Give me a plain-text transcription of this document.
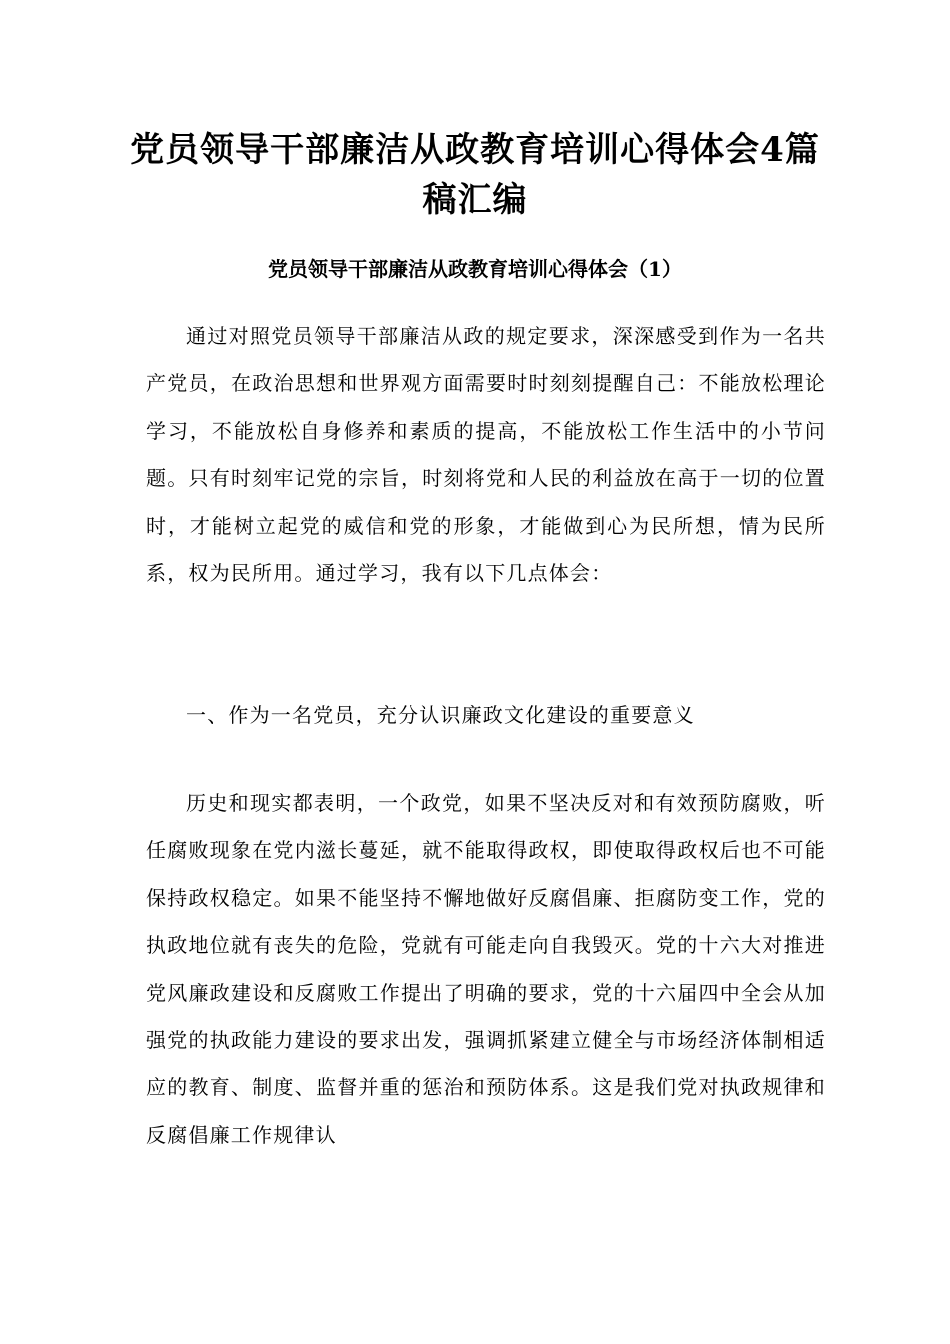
党员领导干部廉洁从政教育培训心得体会4篇稿汇编
党员领导干部廉洁从政教育培训心得体会（1）

通过对照党员领导干部廉洁从政的规定要求，深深感受到作为一名共产党员，在政治思想和世界观方面需要时时刻刻提醒自己：不能放松理论学习，不能放松自身修养和素质的提高，不能放松工作生活中的小节问题。只有时刻牢记党的宗旨，时刻将党和人民的利益放在高于一切的位置时，才能树立起党的威信和党的形象，才能做到心为民所想，情为民所系，权为民所用。通过学习，我有以下几点体会：

一、作为一名党员，充分认识廉政文化建设的重要意义

历史和现实都表明，一个政党，如果不坚决反对和有效预防腐败，听任腐败现象在党内滋长蔓延，就不能取得政权，即使取得政权后也不可能保持政权稳定。如果不能坚持不懈地做好反腐倡廉、拒腐防变工作，党的执政地位就有丧失的危险，党就有可能走向自我毁灭。党的十六大对推进党风廉政建设和反腐败工作提出了明确的要求，党的十六届四中全会从加强党的执政能力建设的要求出发，强调抓紧建立健全与市场经济体制相适应的教育、制度、监督并重的惩治和预防体系。这是我们党对执政规律和反腐倡廉工作规律认
